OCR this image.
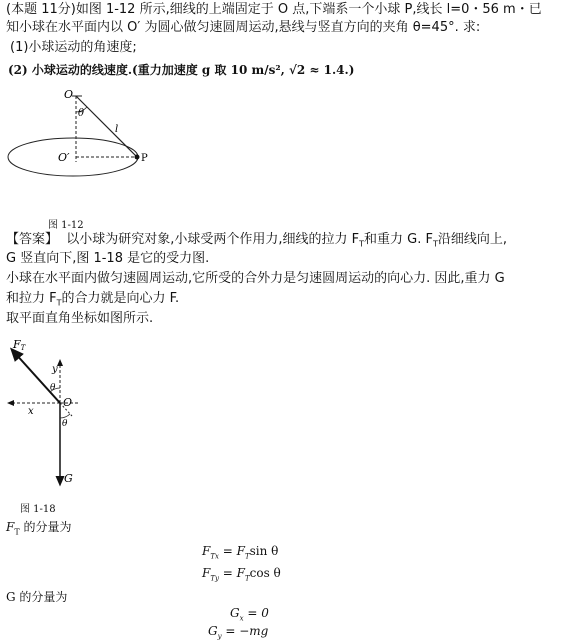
(本题 11分)如图 1-12 所示,细线的上端固定于 O 点,下端系一个小球 P,线长 l=0・56 m・已
知小球在水平面内以 O′ 为圆心做匀速圆周运动,悬线与竖直方向的夹角 θ=45°. 求:
(1)小球运动的角速度;
(2) 小球运动的线速度.(重力加速度 g 取 10 m/s², √2 ≈ 1.4.)
O
θ
l
O′	P
图 1-12
【答案】 以小球为研究对象,小球受两个作用力,细线的拉力 $F_T$和重力 G. $F_T$沿细线向上,
G 竖直向下,图 1-18 是它的受力图.
小球在水平面内做匀速圆周运动,它所受的合外力是匀速圆周运动的向心力. 因此,重力 G
和拉力 $F_T$的合力就是向心力 F.
取平面直角坐标如图所示.
FT
y
x
O
θ
θ
G
图 1-18
$F_T$ 的分量为
$F_{Tx} = F_T\sin$ θ
$F_{Ty} = F_T\cos$ θ
G 的分量为
$G_x = 0$
$G_y = -mg$
